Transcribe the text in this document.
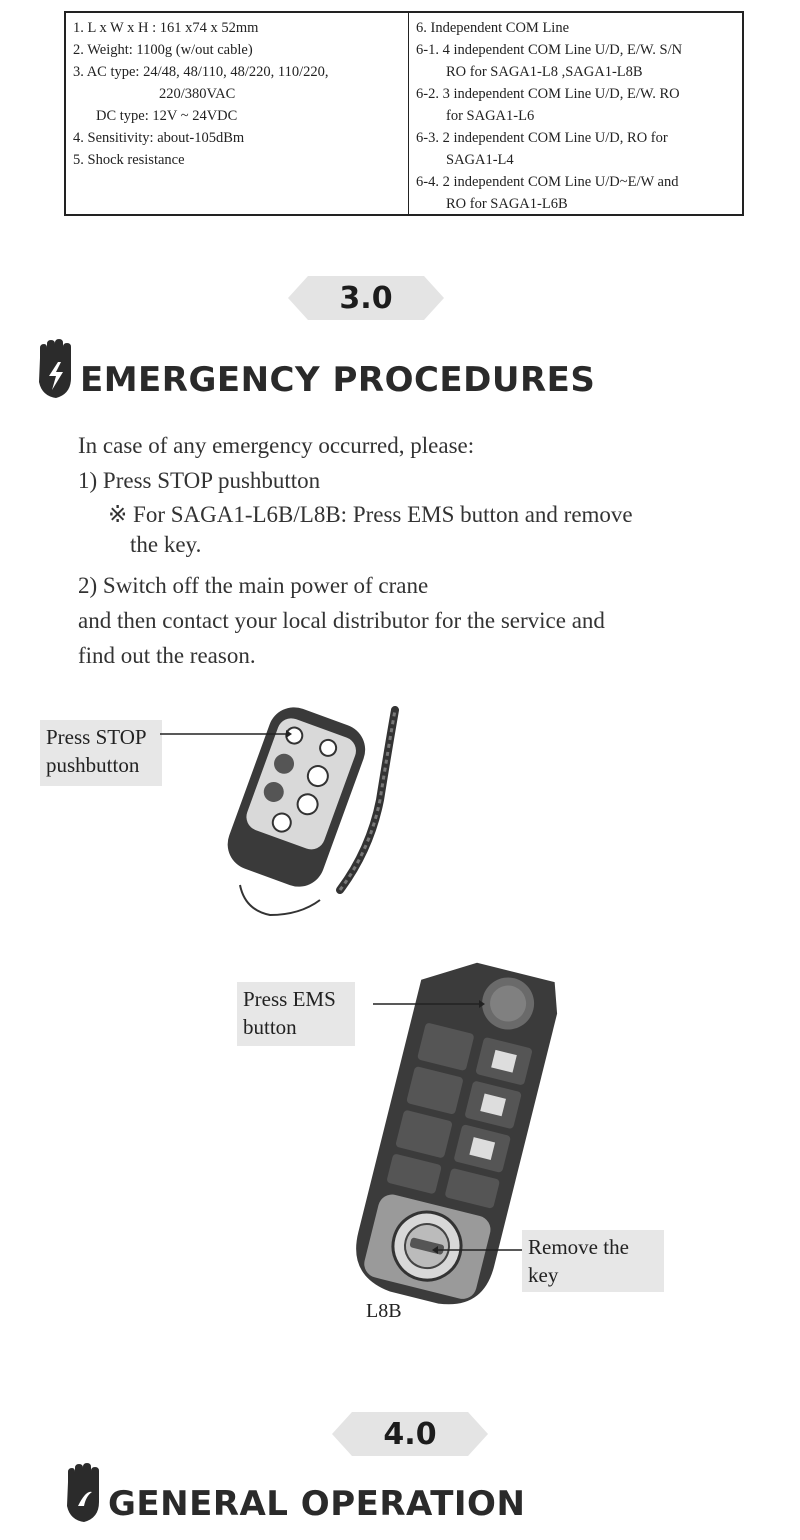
1. L x W x H : 161 x74 x 52mm
2. Weight: 1100g (w/out cable)
3. AC type: 24/48, 48/110, 48/220, 110/220,
220/380VAC
DC type: 12V ~ 24VDC
4. Sensitivity: about-105dBm
5. Shock resistance
6. Independent COM Line
6-1. 4 independent COM Line U/D, E/W. S/N
RO for SAGA1-L8 ,SAGA1-L8B
6-2. 3 independent COM Line U/D, E/W. RO
for SAGA1-L6
6-3. 2 independent COM Line U/D, RO for
SAGA1-L4
6-4. 2 independent COM Line U/D~E/W and
RO for SAGA1-L6B
3.0
EMERGENCY PROCEDURES

In case of any emergency occurred, please:

1) Press STOP pushbutton

※ For SAGA1-L6B/L8B: Press EMS button and remove
the key.

2) Switch off the main power of crane

and then contact your local distributor for the service and

find out the reason.

Press STOP
pushbutton
Press EMS
button
Remove the
key
L8B
4.0
GENERAL OPERATION
